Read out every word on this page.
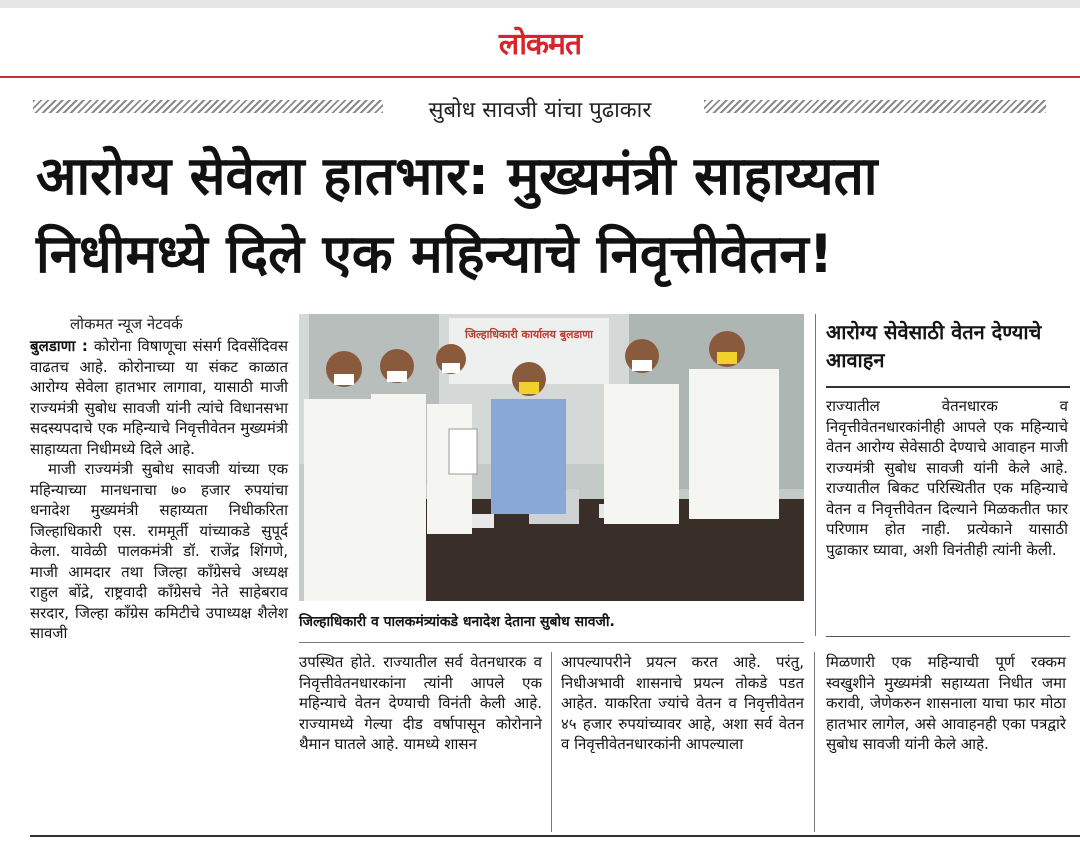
लोकमत
सुबोध सावजी यांचा पुढाकार
आरोग्य सेवेला हातभार: मुख्यमंत्री साहाय्यता निधीमध्ये दिले एक महिन्याचे निवृत्तीवेतन!
लोकमत न्यूज नेटवर्क

बुलडाणा : कोरोना विषाणूचा संसर्ग दिवसेंदिवस वाढतच आहे. कोरोनाच्या या संकट काळात आरोग्य सेवेला हातभार लागावा, यासाठी माजी राज्यमंत्री सुबोध सावजी यांनी त्यांचे विधानसभा सदस्यपदाचे एक महिन्याचे निवृत्तीवेतन मुख्यमंत्री साहाय्यता निधीमध्ये दिले आहे.

माजी राज्यमंत्री सुबोध सावजी यांच्या एक महिन्याच्या मानधनाचा ७० हजार रुपयांचा धनादेश मुख्यमंत्री सहाय्यता निधीकरिता जिल्हाधिकारी एस. राममूर्ती यांच्याकडे सुपूर्द केला. यावेळी पालकमंत्री डॉ. राजेंद्र शिंगणे, माजी आमदार तथा जिल्हा काँग्रेसचे अध्यक्ष राहुल बोंद्रे, राष्ट्रवादी काँग्रेसचे नेते साहेबराव सरदार, जिल्हा काँग्रेस कमिटीचे उपाध्यक्ष शैलेश सावजी

जिल्हाधिकारी कार्यालय बुलडाणा
जिल्हाधिकारी व पालकमंत्र्यांकडे धनादेश देताना सुबोध सावजी.

उपस्थित होते. राज्यातील सर्व वेतनधारक व निवृत्तीवेतनधारकांना त्यांनी आपले एक महिन्याचे वेतन देण्याची विनंती केली आहे. राज्यामध्ये गेल्या दीड वर्षापासून कोरोनाने थैमान घातले आहे. यामध्ये शासन

आपल्यापरीने प्रयत्न करत आहे. परंतु, निधीअभावी शासनाचे प्रयत्न तोकडे पडत आहेत. याकरिता ज्यांचे वेतन व निवृत्तीवेतन ४५ हजार रुपयांच्यावर आहे, अशा सर्व वेतन व निवृत्तीवेतनधारकांनी आपल्याला

मिळणारी एक महिन्याची पूर्ण रक्कम स्वखुशीने मुख्यमंत्री सहाय्यता निधीत जमा करावी, जेणेकरुन शासनाला याचा फार मोठा हातभार लागेल, असे आवाहनही एका पत्रद्वारे सुबोध सावजी यांनी केले आहे.

आरोग्य सेवेसाठी वेतन देण्याचे आवाहन

राज्यातील वेतनधारक व निवृत्तीवेतनधारकांनीही आपले एक महिन्याचे वेतन आरोग्य सेवेसाठी देण्याचे आवाहन माजी राज्यमंत्री सुबोध सावजी यांनी केले आहे. राज्यातील बिकट परिस्थितीत एक महिन्याचे वेतन व निवृत्तीवेतन दिल्याने मिळकतीत फार परिणाम होत नाही. प्रत्येकाने यासाठी पुढाकार घ्यावा, अशी विनंतीही त्यांनी केली.
